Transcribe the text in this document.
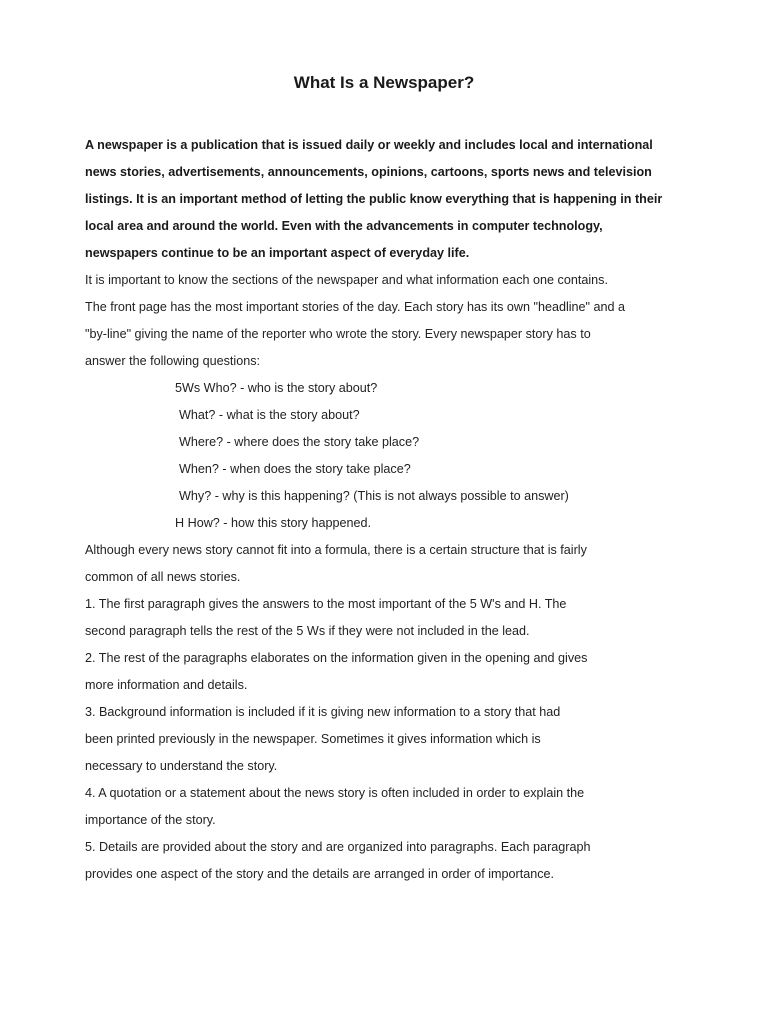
What Is a Newspaper?

A newspaper is a publication that is issued daily or weekly and includes local and international

news stories, advertisements, announcements, opinions, cartoons, sports news and television

listings. It is an important method of letting the public know everything that is happening in their

local area and around the world. Even with the advancements in computer technology,

newspapers continue to be an important aspect of everyday life.

It is important to know the sections of the newspaper and what information each one contains.

The front page has the most important stories of the day. Each story has its own "headline" and a

"by-line" giving the name of the reporter who wrote the story. Every newspaper story has to

answer the following questions:

5Ws Who? - who is the story about?

What? - what is the story about?

Where? - where does the story take place?

When? - when does the story take place?

Why? - why is this happening? (This is not always possible to answer)

H How? - how this story happened.

Although every news story cannot fit into a formula, there is a certain structure that is fairly

common of all news stories.

1. The first paragraph gives the answers to the most important of the 5 W's and H. The

second paragraph tells the rest of the 5 Ws if they were not included in the lead.

2. The rest of the paragraphs elaborates on the information given in the opening and gives

more information and details.

3. Background information is included if it is giving new information to a story that had

been printed previously in the newspaper. Sometimes it gives information which is

necessary to understand the story.

4. A quotation or a statement about the news story is often included in order to explain the

importance of the story.

5. Details are provided about the story and are organized into paragraphs. Each paragraph

provides one aspect of the story and the details are arranged in order of importance.
